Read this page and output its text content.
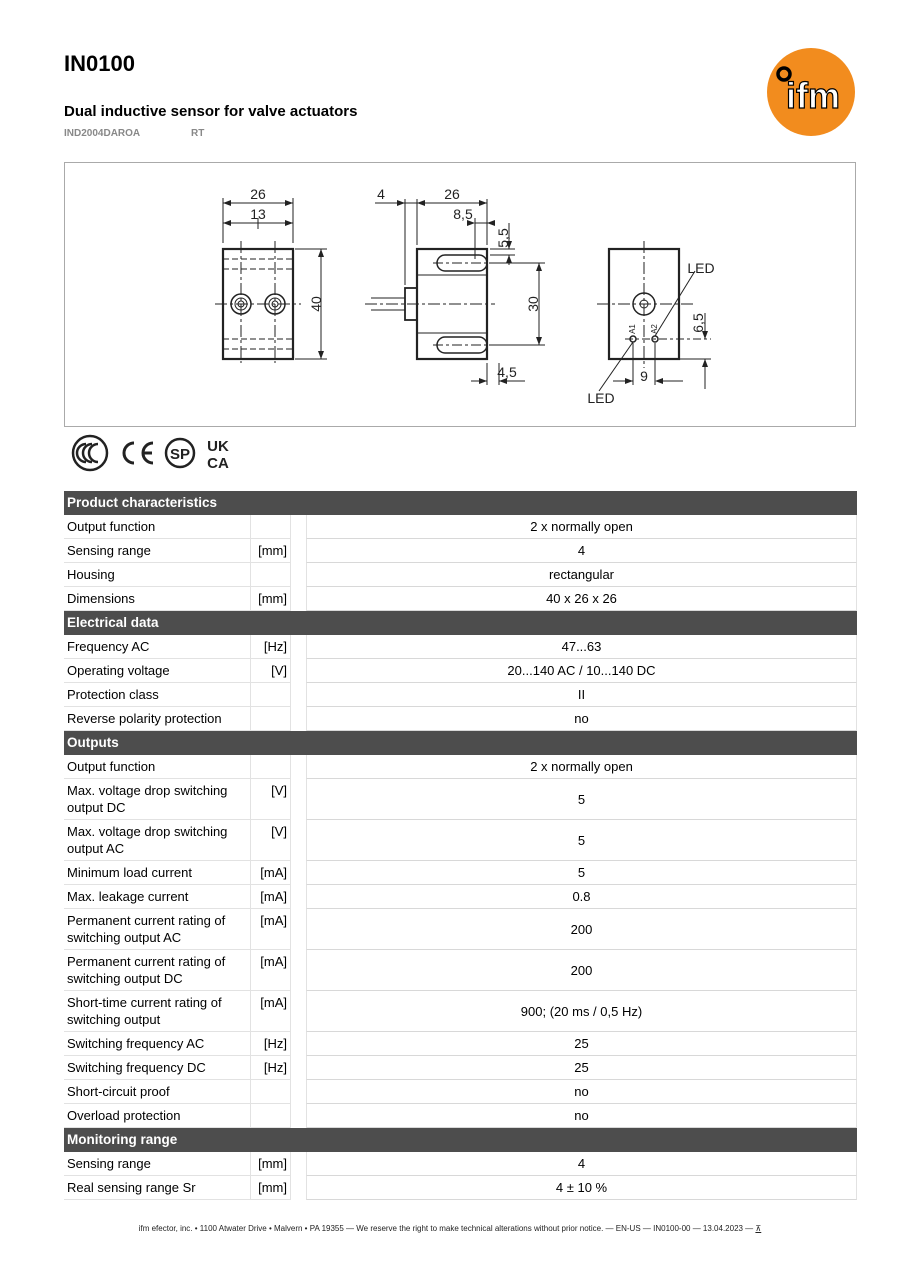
IN0100
Dual inductive sensor for valve actuators
IND2004DAROA	RT
ifm
26
13
40
4	26
8,5
5,5
30
4,5
LED
6,5
9
LED
A1 A2
SP UK
CA
Product characteristics			
Output function			2 x normally open
Sensing range	[mm]		4
Housing			rectangular
Dimensions	[mm]		40 x 26 x 26
Electrical data			
Frequency AC	[Hz]		47...63
Operating voltage	[V]		20...140 AC / 10...140 DC
Protection class			II
Reverse polarity protection			no
Outputs			
Output function			2 x normally open
Max. voltage drop switching output DC	[V]		5
Max. voltage drop switching output AC	[V]		5
Minimum load current	[mA]		5
Max. leakage current	[mA]		0.8
Permanent current rating of switching output AC	[mA]		200
Permanent current rating of switching output DC	[mA]		200
Short-time current rating of switching output	[mA]		900; (20 ms / 0,5 Hz)
Switching frequency AC	[Hz]		25
Switching frequency DC	[Hz]		25
Short-circuit proof			no
Overload protection			no
Monitoring range			
Sensing range	[mm]		4
Real sensing range Sr	[mm]		4 ± 10 %
ifm efector, inc. • 1100 Atwater Drive • Malvern • PA 19355 — We reserve the right to make technical alterations without prior notice. — EN-US — IN0100-00 — 13.04.2023 — ⊼
